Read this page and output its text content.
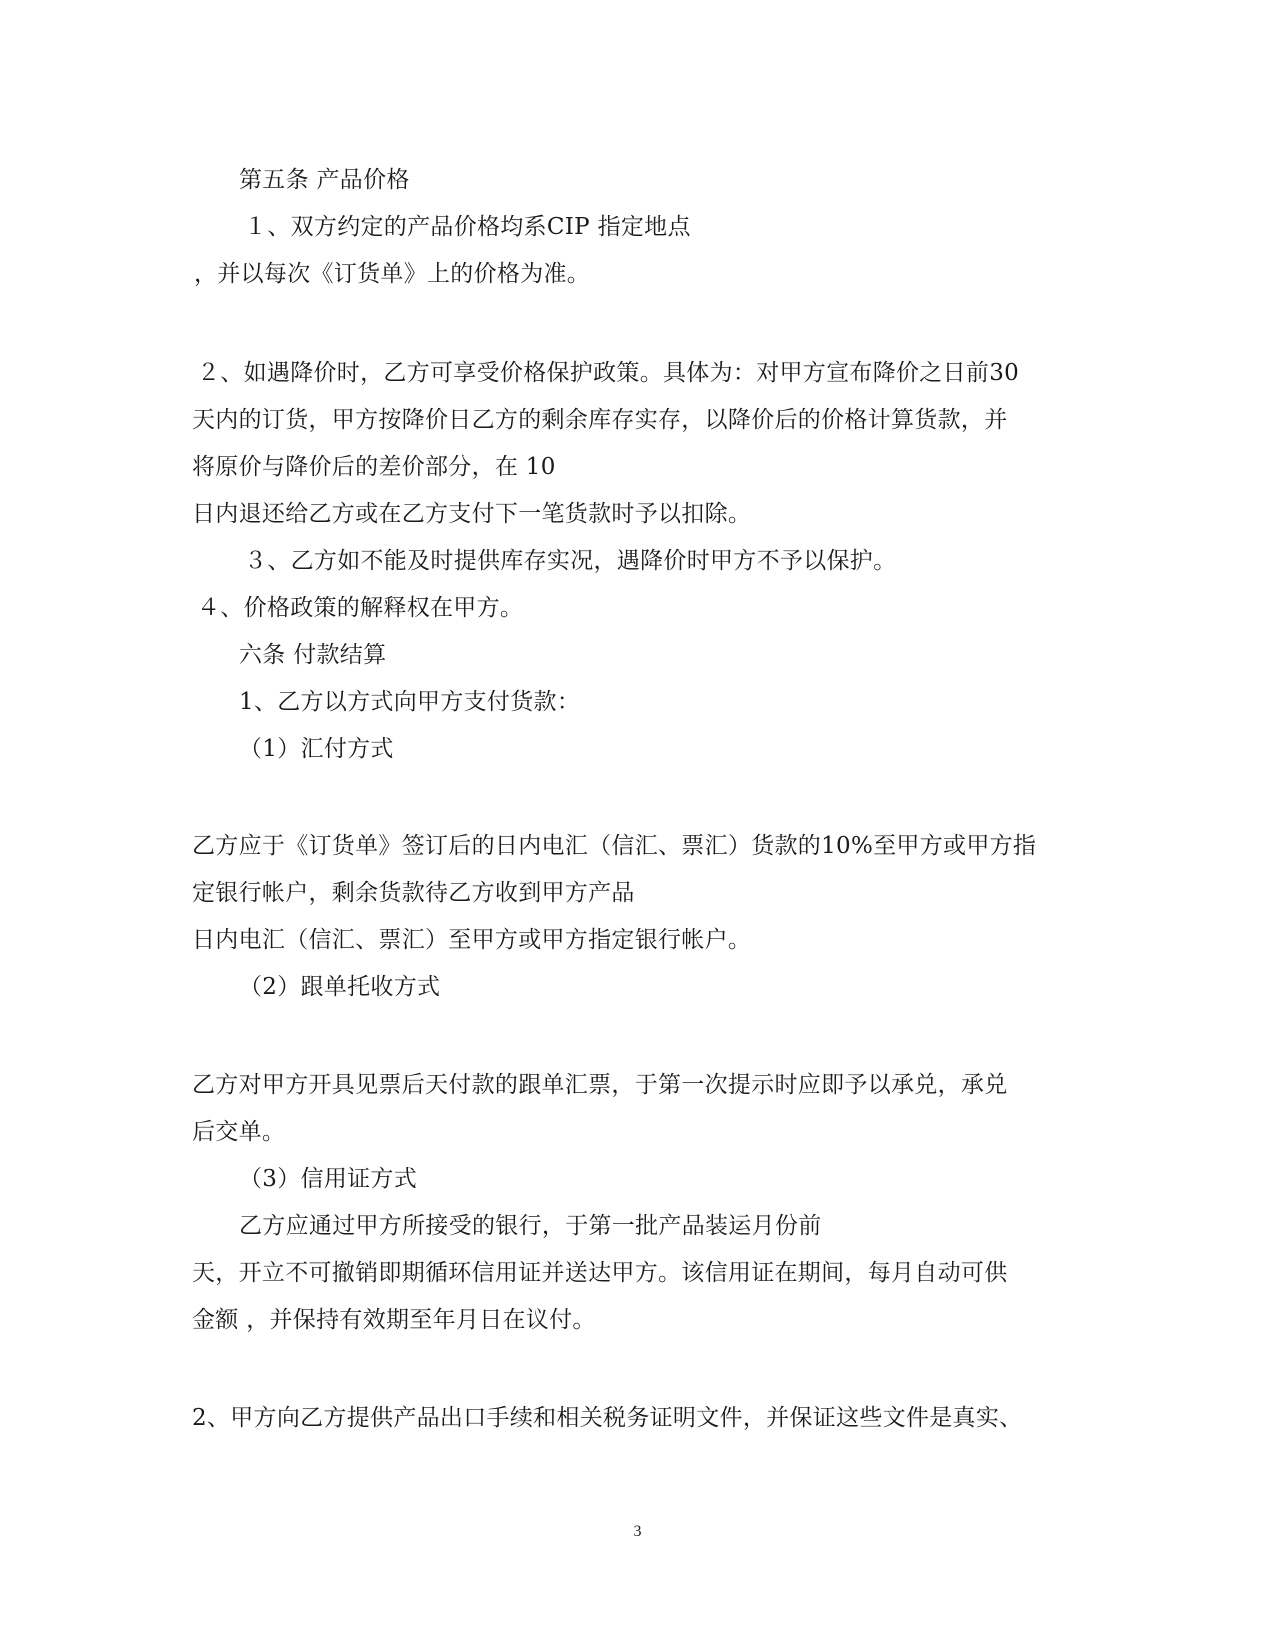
第五条 产品价格
１、双方约定的产品价格均系CIP 指定地点
，并以每次《订货单》上的价格为准。
２、如遇降价时，乙方可享受价格保护政策。具体为：对甲方宣布降价之日前30
天内的订货，甲方按降价日乙方的剩余库存实存，以降价后的价格计算货款，并
将原价与降价后的差价部分，在 10
日内退还给乙方或在乙方支付下一笔货款时予以扣除。
３、乙方如不能及时提供库存实况，遇降价时甲方不予以保护。
４、价格政策的解释权在甲方。
六条 付款结算
1、乙方以方式向甲方支付货款：
（1）汇付方式
乙方应于《订货单》签订后的日内电汇（信汇、票汇）货款的10%至甲方或甲方指
定银行帐户，剩余货款待乙方收到甲方产品
日内电汇（信汇、票汇）至甲方或甲方指定银行帐户。
（2）跟单托收方式
乙方对甲方开具见票后天付款的跟单汇票，于第一次提示时应即予以承兑，承兑
后交单。
（3）信用证方式
乙方应通过甲方所接受的银行，于第一批产品装运月份前
天，开立不可撤销即期循环信用证并送达甲方。该信用证在期间，每月自动可供
金额 ，并保持有效期至年月日在议付。
2、甲方向乙方提供产品出口手续和相关税务证明文件，并保证这些文件是真实、
3
